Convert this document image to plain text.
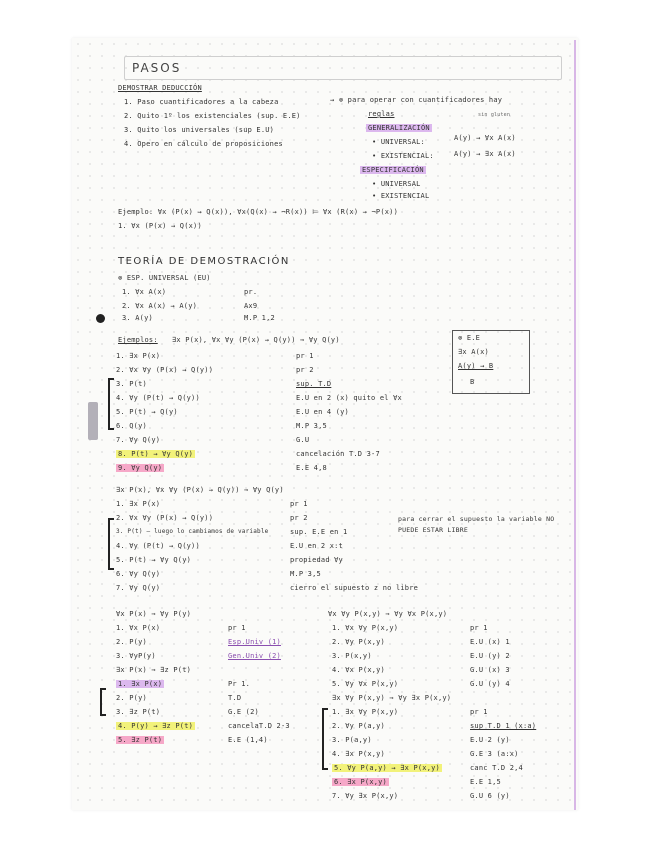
PASOS
DEMOSTRAR DEDUCCIÓN
1. Paso cuantificadores a la cabeza
2. Quito 1º los existenciales (sup. E.E)
3. Quito los universales (sup E.U)
4. Opero en cálculo de proposiciones
→ ⊗ para operar con cuantificadores hay
reglas	sin gluten
GENERALIZACIÓN
• UNIVERSAL:	A(y) → ∀x A(x)
• EXISTENCIAL:	A(y) → ∃x A(x)
ESPECIFICACIÓN
• UNIVERSAL
• EXISTENCIAL
Ejemplo: ∀x (P(x) → Q(x)), ∀x(Q(x) → ¬R(x)) ⊨ ∀x (R(x) → ¬P(x))
1. ∀x (P(x) → Q(x))
TEORÍA DE DEMOSTRACIÓN
⊗ ESP. UNIVERSAL (EU)
1. ∀x A(x)	pr.
2. ∀x A(x) → A(y)	Ax9
3. A(y)	M.P 1,2
Ejemplos: ∃x P(x), ∀x ∀y (P(x) → Q(y)) ⇒ ∀y Q(y)	⊗ E.E
∃x A(x)
A(y) → B
B
1. ∃x P(x)	pr 1
2. ∀x ∀y (P(x) → Q(y))	pr 2
3. P(t)	sup. T.D
4. ∀y (P(t) → Q(y))	E.U en 2 (x) quito el ∀x
5. P(t) → Q(y)	E.U en 4 (y)
6. Q(y)	M.P 3,5
7. ∀y Q(y)	G.U
8. P(t) → ∀y Q(y)	cancelación T.D 3-7
9. ∀y Q(y)	E.E 4,8
∃x P(x), ∀x ∀y (P(x) → Q(y)) ⇒ ∀y Q(y)
1. ∃x P(x)	pr 1
2. ∀x ∀y (P(x) → Q(y))	pr 2
3. P(t) — luego lo cambiamos de variable	sup. E.E en 1
4. ∀y (P(t) → Q(y))	E.U en 2 x:t
5. P(t) → ∀y Q(y)	propiedad ∀y
6. ∀y Q(y)	M.P 3,5
7. ∀y Q(y)	cierro el supuesto z no libre
para cerrar el supuesto la variable NO PUEDE ESTAR LIBRE
∀x P(x) ⇒ ∀y P(y)
1. ∀x P(x)	pr 1
2. P(y)	Esp.Univ (1)
3. ∀yP(y)	Gen.Univ (2)
∃x P(x) ⇒ ∃z P(t)
1. ∃x P(x)	Pr 1.
2. P(y)	T.D
3. ∃z P(t)	G.E (2)
4. P(y) → ∃z P(t)	cancelaT.D 2-3
5. ∃z P(t)	E.E (1,4)
∀x ∀y P(x,y) ⇒ ∀y ∀x P(x,y)
1. ∀x ∀y P(x,y)	pr 1
2. ∀y P(x,y)	E.U (x) 1
3. P(x,y)	E.U (y) 2
4. ∀x P(x,y)	G.U (x) 3
5. ∀y ∀x P(x,y)	G.U (y) 4
∃x ∀y P(x,y) ⇒ ∀y ∃x P(x,y)
1. ∃x ∀y P(x,y)	pr 1
2. ∀y P(a,y)	sup T.D 1 (x:a)
3. P(a,y)	E.U 2 (y)
4. ∃x P(x,y)	G.E 3 (a:x)
5. ∀y P(a,y) → ∃x P(x,y)	canc T.D 2,4
6. ∃x P(x,y)	E.E 1,5
7. ∀y ∃x P(x,y)	G.U 6 (y)
